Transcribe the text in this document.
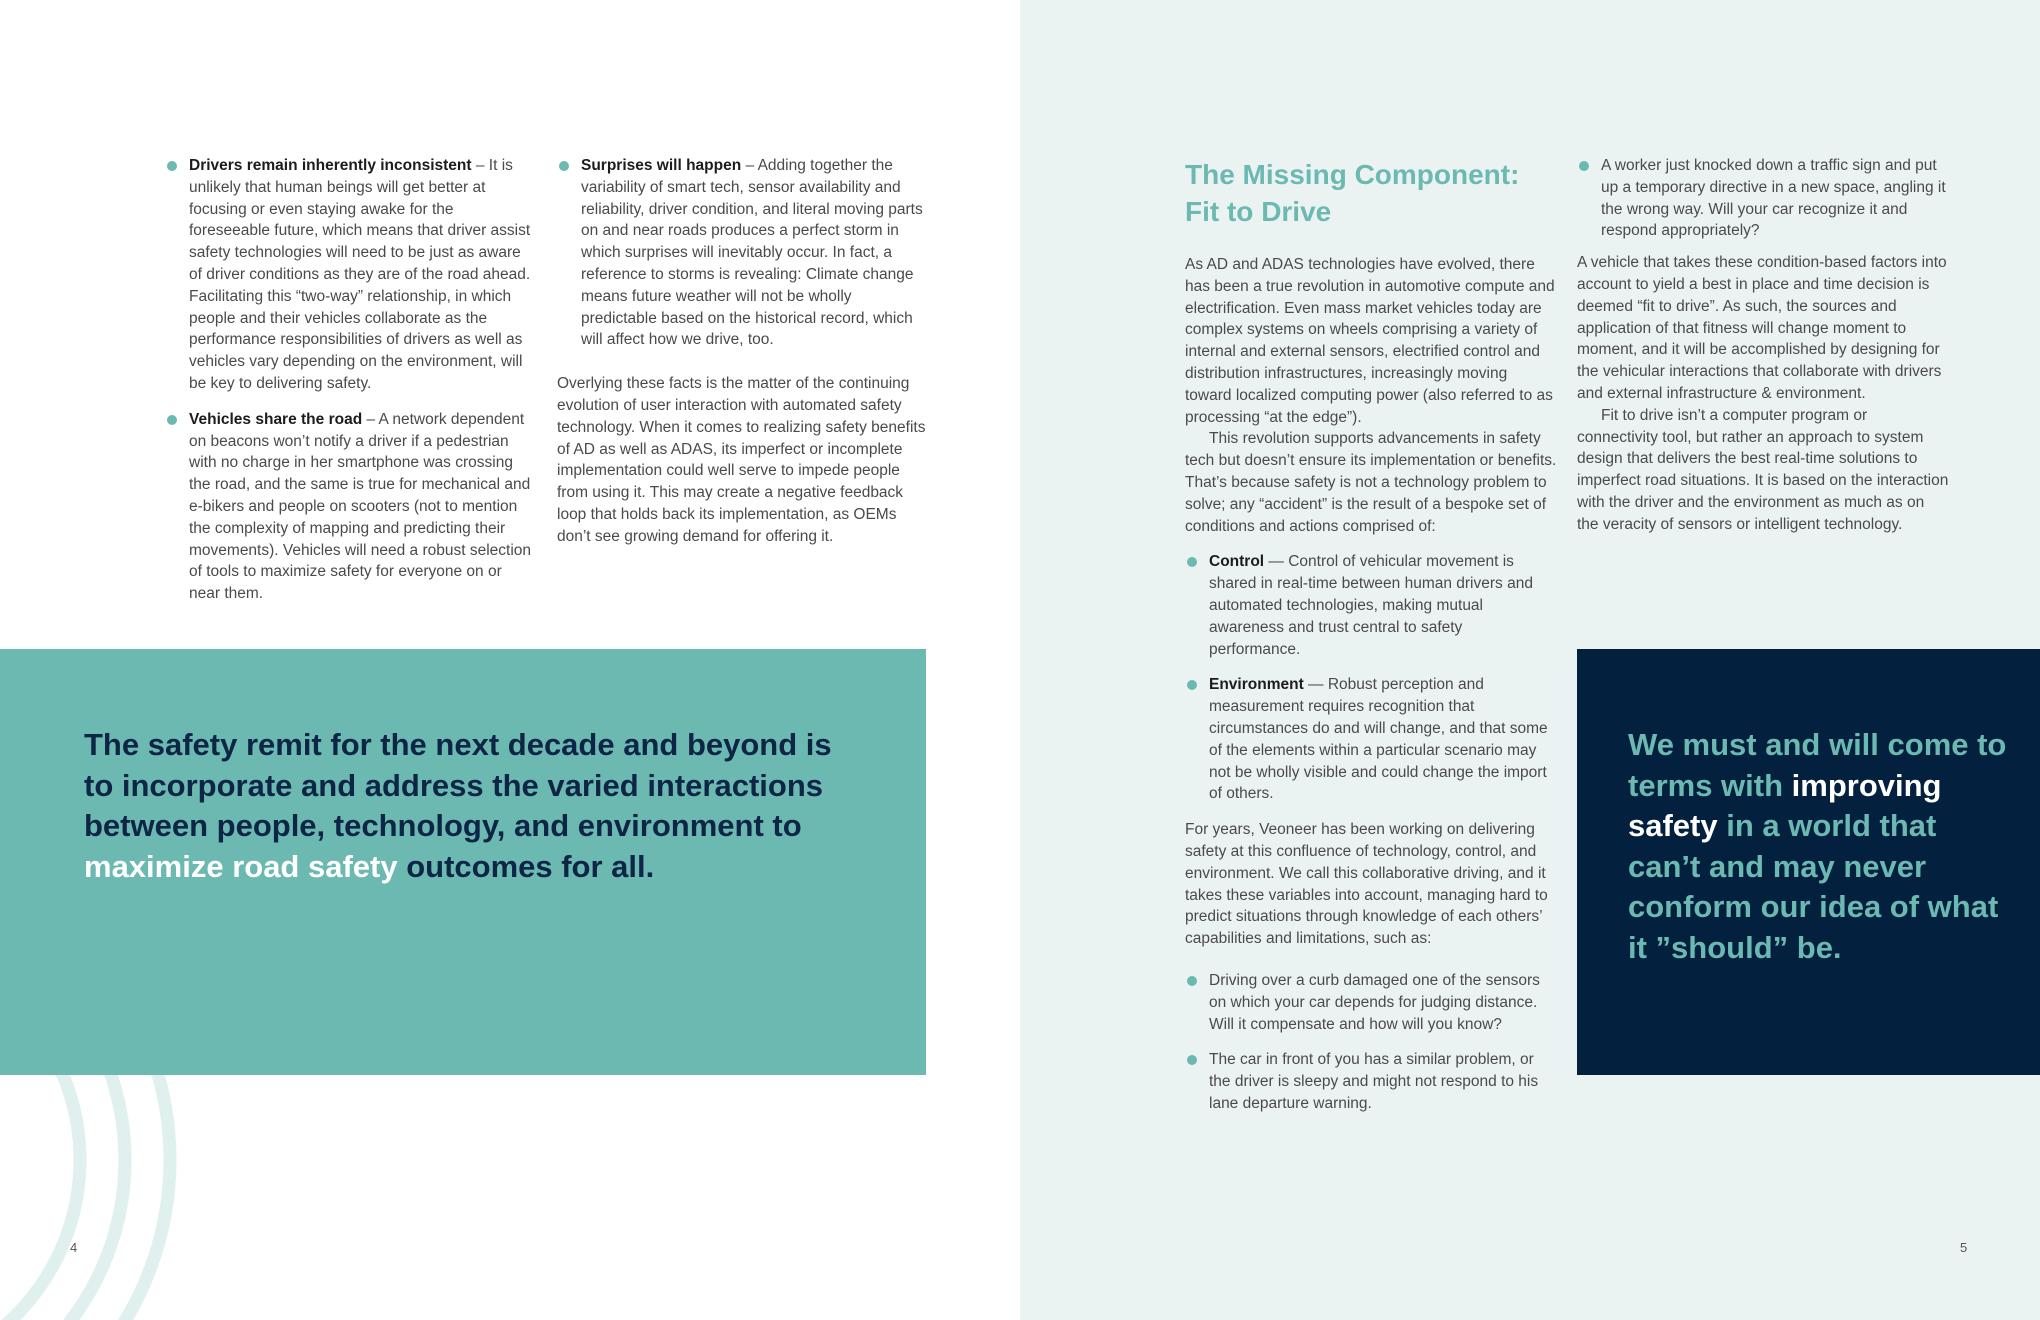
Drivers remain inherently inconsistent – It is unlikely that human beings will get better at focusing or even staying awake for the foreseeable future, which means that driver assist safety technologies will need to be just as aware of driver conditions as they are of the road ahead. Facilitating this “two-way” relationship, in which people and their vehicles collaborate as the performance responsibilities of drivers as well as vehicles vary depending on the environment, will be key to delivering safety.
Vehicles share the road – A network dependent on beacons won’t notify a driver if a pedestrian with no charge in her smartphone was crossing the road, and the same is true for mechanical and e-bikers and people on scooters (not to mention the complexity of mapping and predicting their movements). Vehicles will need a robust selection of tools to maximize safety for everyone on or near them.
Surprises will happen – Adding together the variability of smart tech, sensor availability and reliability, driver condition, and literal moving parts on and near roads produces a perfect storm in which surprises will inevitably occur. In fact, a reference to storms is revealing: Climate change means future weather will not be wholly predictable based on the historical record, which will affect how we drive, too.

Overlying these facts is the matter of the continuing evolution of user interaction with automated safety technology. When it comes to realizing safety benefits of AD as well as ADAS, its imperfect or incomplete implementation could well serve to impede people from using it. This may create a negative feedback loop that holds back its implementation, as OEMs don’t see growing demand for offering it.

The safety remit for the next decade and beyond is to incorporate and address the varied interactions between people, technology, and environment to maximize road safety outcomes for all.
4
The Missing Component: Fit to Drive

As AD and ADAS technologies have evolved, there has been a true revolution in automotive compute and electrification. Even mass market vehicles today are complex systems on wheels comprising a variety of internal and external sensors, electrified control and distribution infrastructures, increasingly moving toward localized computing power (also referred to as processing “at the edge”).

This revolution supports advancements in safety tech but doesn’t ensure its implementation or benefits. That’s because safety is not a technology problem to solve; any “accident” is the result of a bespoke set of conditions and actions comprised of:

Control — Control of vehicular movement is shared in real-time between human drivers and automated technologies, making mutual awareness and trust central to safety performance.
Environment — Robust perception and measurement requires recognition that circumstances do and will change, and that some of the elements within a particular scenario may not be wholly visible and could change the import of others.

For years, Veoneer has been working on delivering safety at this confluence of technology, control, and environment. We call this collaborative driving, and it takes these variables into account, managing hard to predict situations through knowledge of each others’ capabilities and limitations, such as:

Driving over a curb damaged one of the sensors on which your car depends for judging distance. Will it compensate and how will you know?
The car in front of you has a similar problem, or the driver is sleepy and might not respond to his lane departure warning.
A worker just knocked down a traffic sign and put up a temporary directive in a new space, angling it the wrong way. Will your car recognize it and respond appropriately?

A vehicle that takes these condition-based factors into account to yield a best in place and time decision is deemed “fit to drive”. As such, the sources and application of that fitness will change moment to moment, and it will be accomplished by designing for the vehicular interactions that collaborate with drivers and external infrastructure & environment.

Fit to drive isn’t a computer program or connectivity tool, but rather an approach to system design that delivers the best real-time solutions to imperfect road situations. It is based on the interaction with the driver and the environment as much as on the veracity of sensors or intelligent technology.

We must and will come to terms with improving safety in a world that can’t and may never conform our idea of what it ”should” be.
5
